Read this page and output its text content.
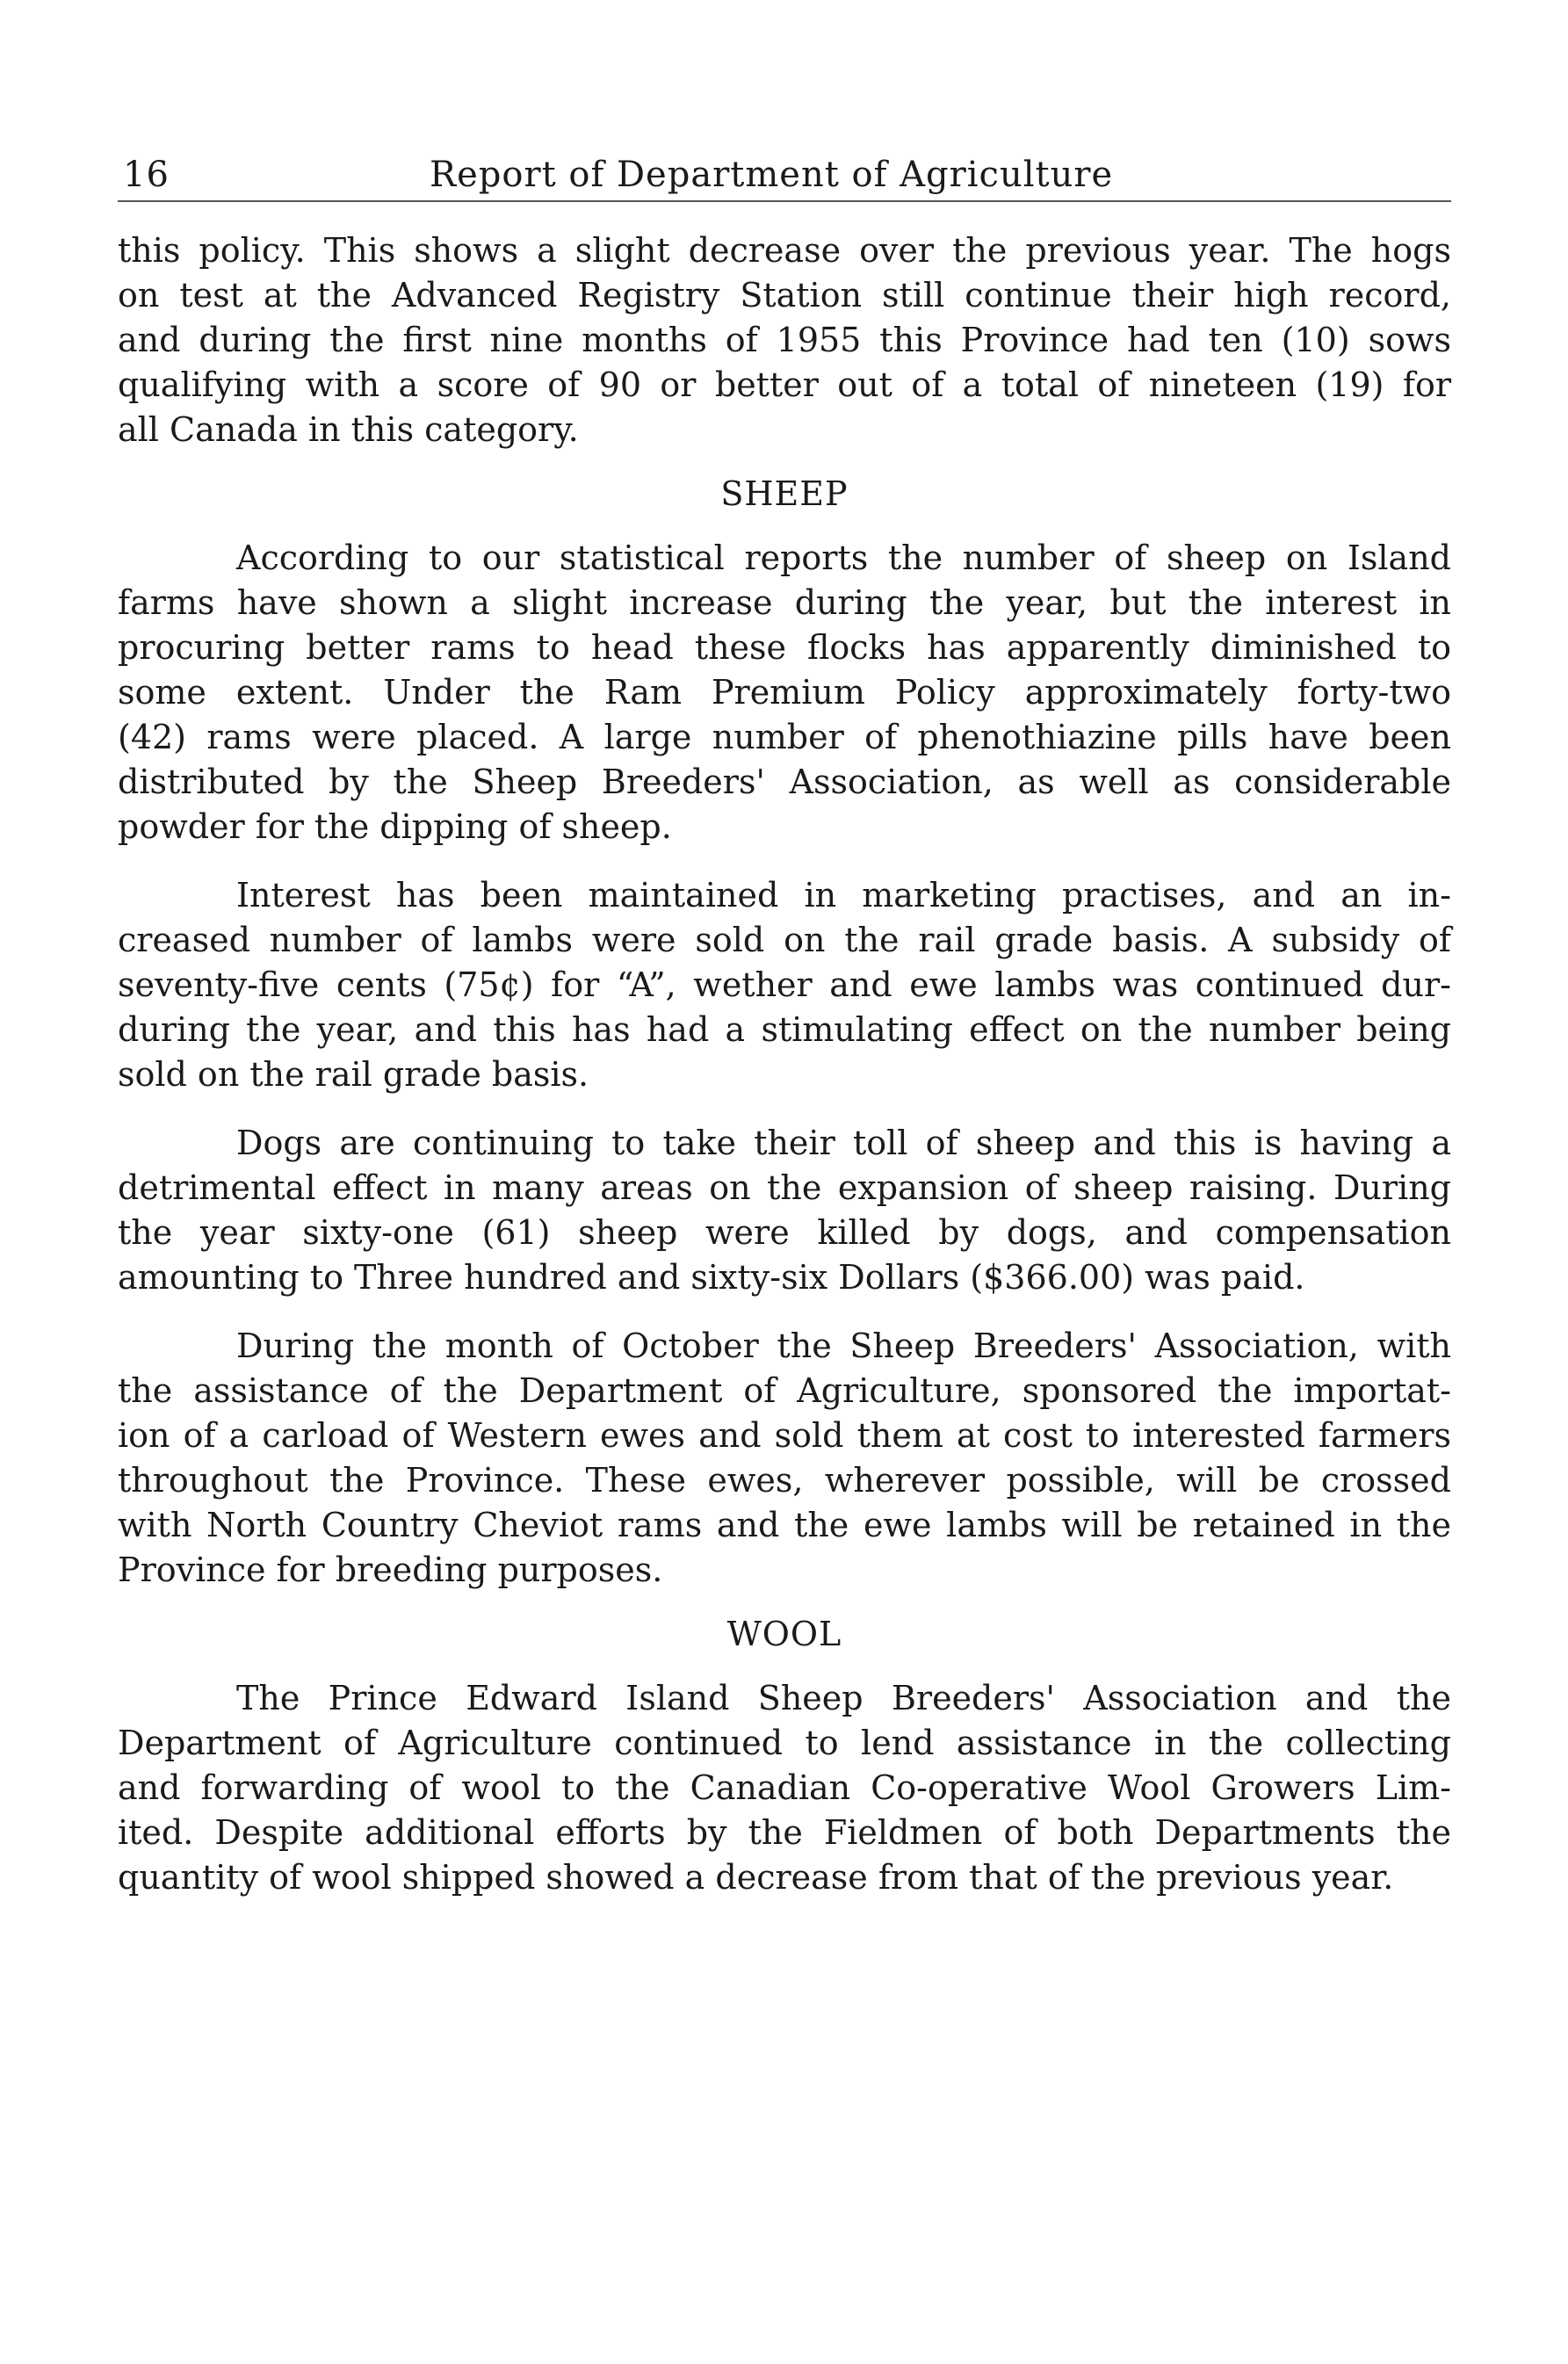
16	Report of Department of Agriculture
this policy. This shows a slight decrease over the previous year. The hogs
on test at the Advanced Registry Station still continue their high record,
and during the first nine months of 1955 this Province had ten (10) sows
qualifying with a score of 90 or better out of a total of nineteen (19) for
all Canada in this category.
SHEEP
According to our statistical reports the number of sheep on Island
farms have shown a slight increase during the year, but the interest in
procuring better rams to head these flocks has apparently diminished to
some extent. Under the Ram Premium Policy approximately forty-two
(42) rams were placed. A large number of phenothiazine pills have been
distributed by the Sheep Breeders' Association, as well as considerable
powder for the dipping of sheep.
Interest has been maintained in marketing practises, and an in-
creased number of lambs were sold on the rail grade basis. A subsidy of
seventy-five cents (75¢) for “A”, wether and ewe lambs was continued dur-
during the year, and this has had a stimulating effect on the number being
sold on the rail grade basis.
Dogs are continuing to take their toll of sheep and this is having a
detrimental effect in many areas on the expansion of sheep raising. During
the year sixty-one (61) sheep were killed by dogs, and compensation
amounting to Three hundred and sixty-six Dollars ($366.00) was paid.
During the month of October the Sheep Breeders' Association, with
the assistance of the Department of Agriculture, sponsored the importat-
ion of a carload of Western ewes and sold them at cost to interested farmers
throughout the Province. These ewes, wherever possible, will be crossed
with North Country Cheviot rams and the ewe lambs will be retained in the
Province for breeding purposes.
WOOL
The Prince Edward Island Sheep Breeders' Association and the
Department of Agriculture continued to lend assistance in the collecting
and forwarding of wool to the Canadian Co-operative Wool Growers Lim-
ited. Despite additional efforts by the Fieldmen of both Departments the
quantity of wool shipped showed a decrease from that of the previous year.
